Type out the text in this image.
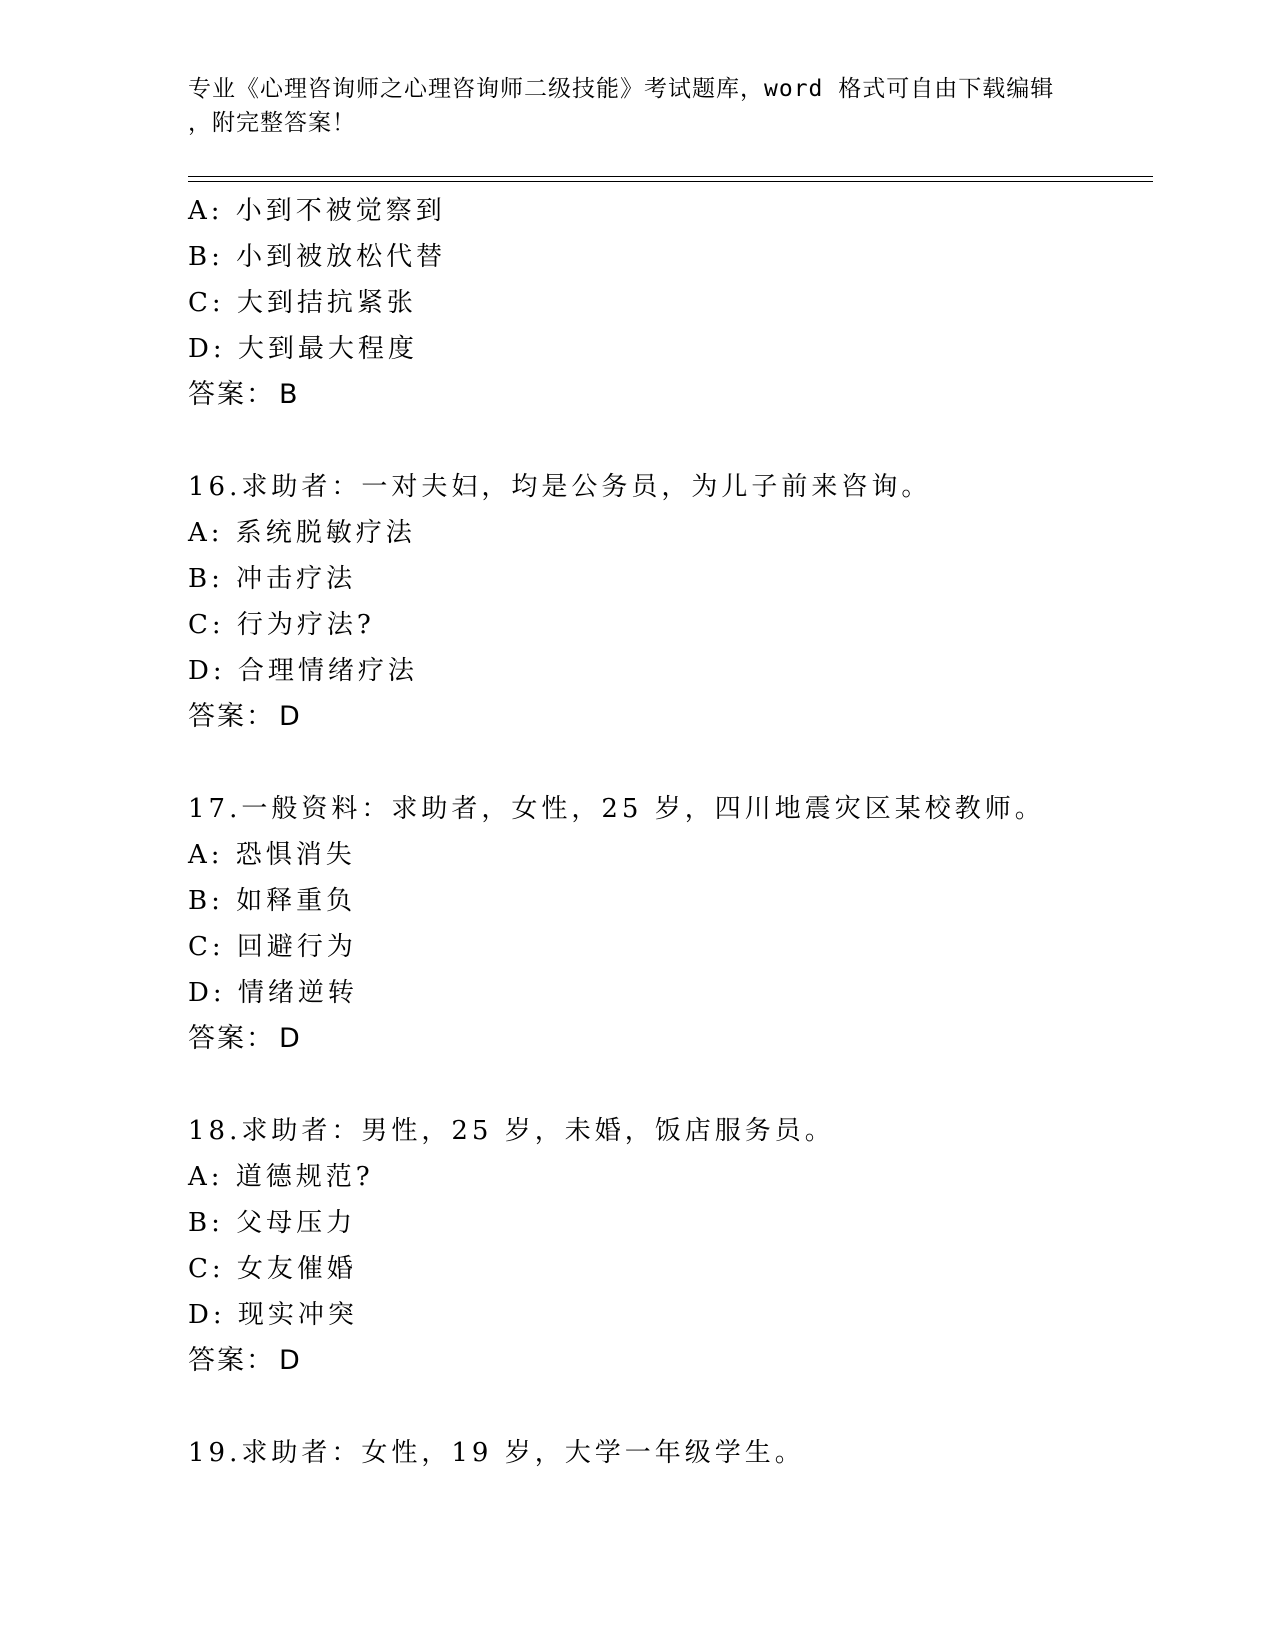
专业《心理咨询师之心理咨询师二级技能》考试题库，word 格式可自由下载编辑
，附完整答案！
A: 小到不被觉察到
B: 小到被放松代替
C: 大到拮抗紧张
D: 大到最大程度
答案： B
16.求助者：一对夫妇，均是公务员，为儿子前来咨询。
A: 系统脱敏疗法
B: 冲击疗法
C: 行为疗法?
D: 合理情绪疗法
答案： D
17.一般资料：求助者，女性，25 岁，四川地震灾区某校教师。
A: 恐惧消失
B: 如释重负
C: 回避行为
D: 情绪逆转
答案： D
18.求助者：男性，25 岁，未婚，饭店服务员。
A: 道德规范?
B: 父母压力
C: 女友催婚
D: 现实冲突
答案： D
19.求助者：女性，19 岁，大学一年级学生。
